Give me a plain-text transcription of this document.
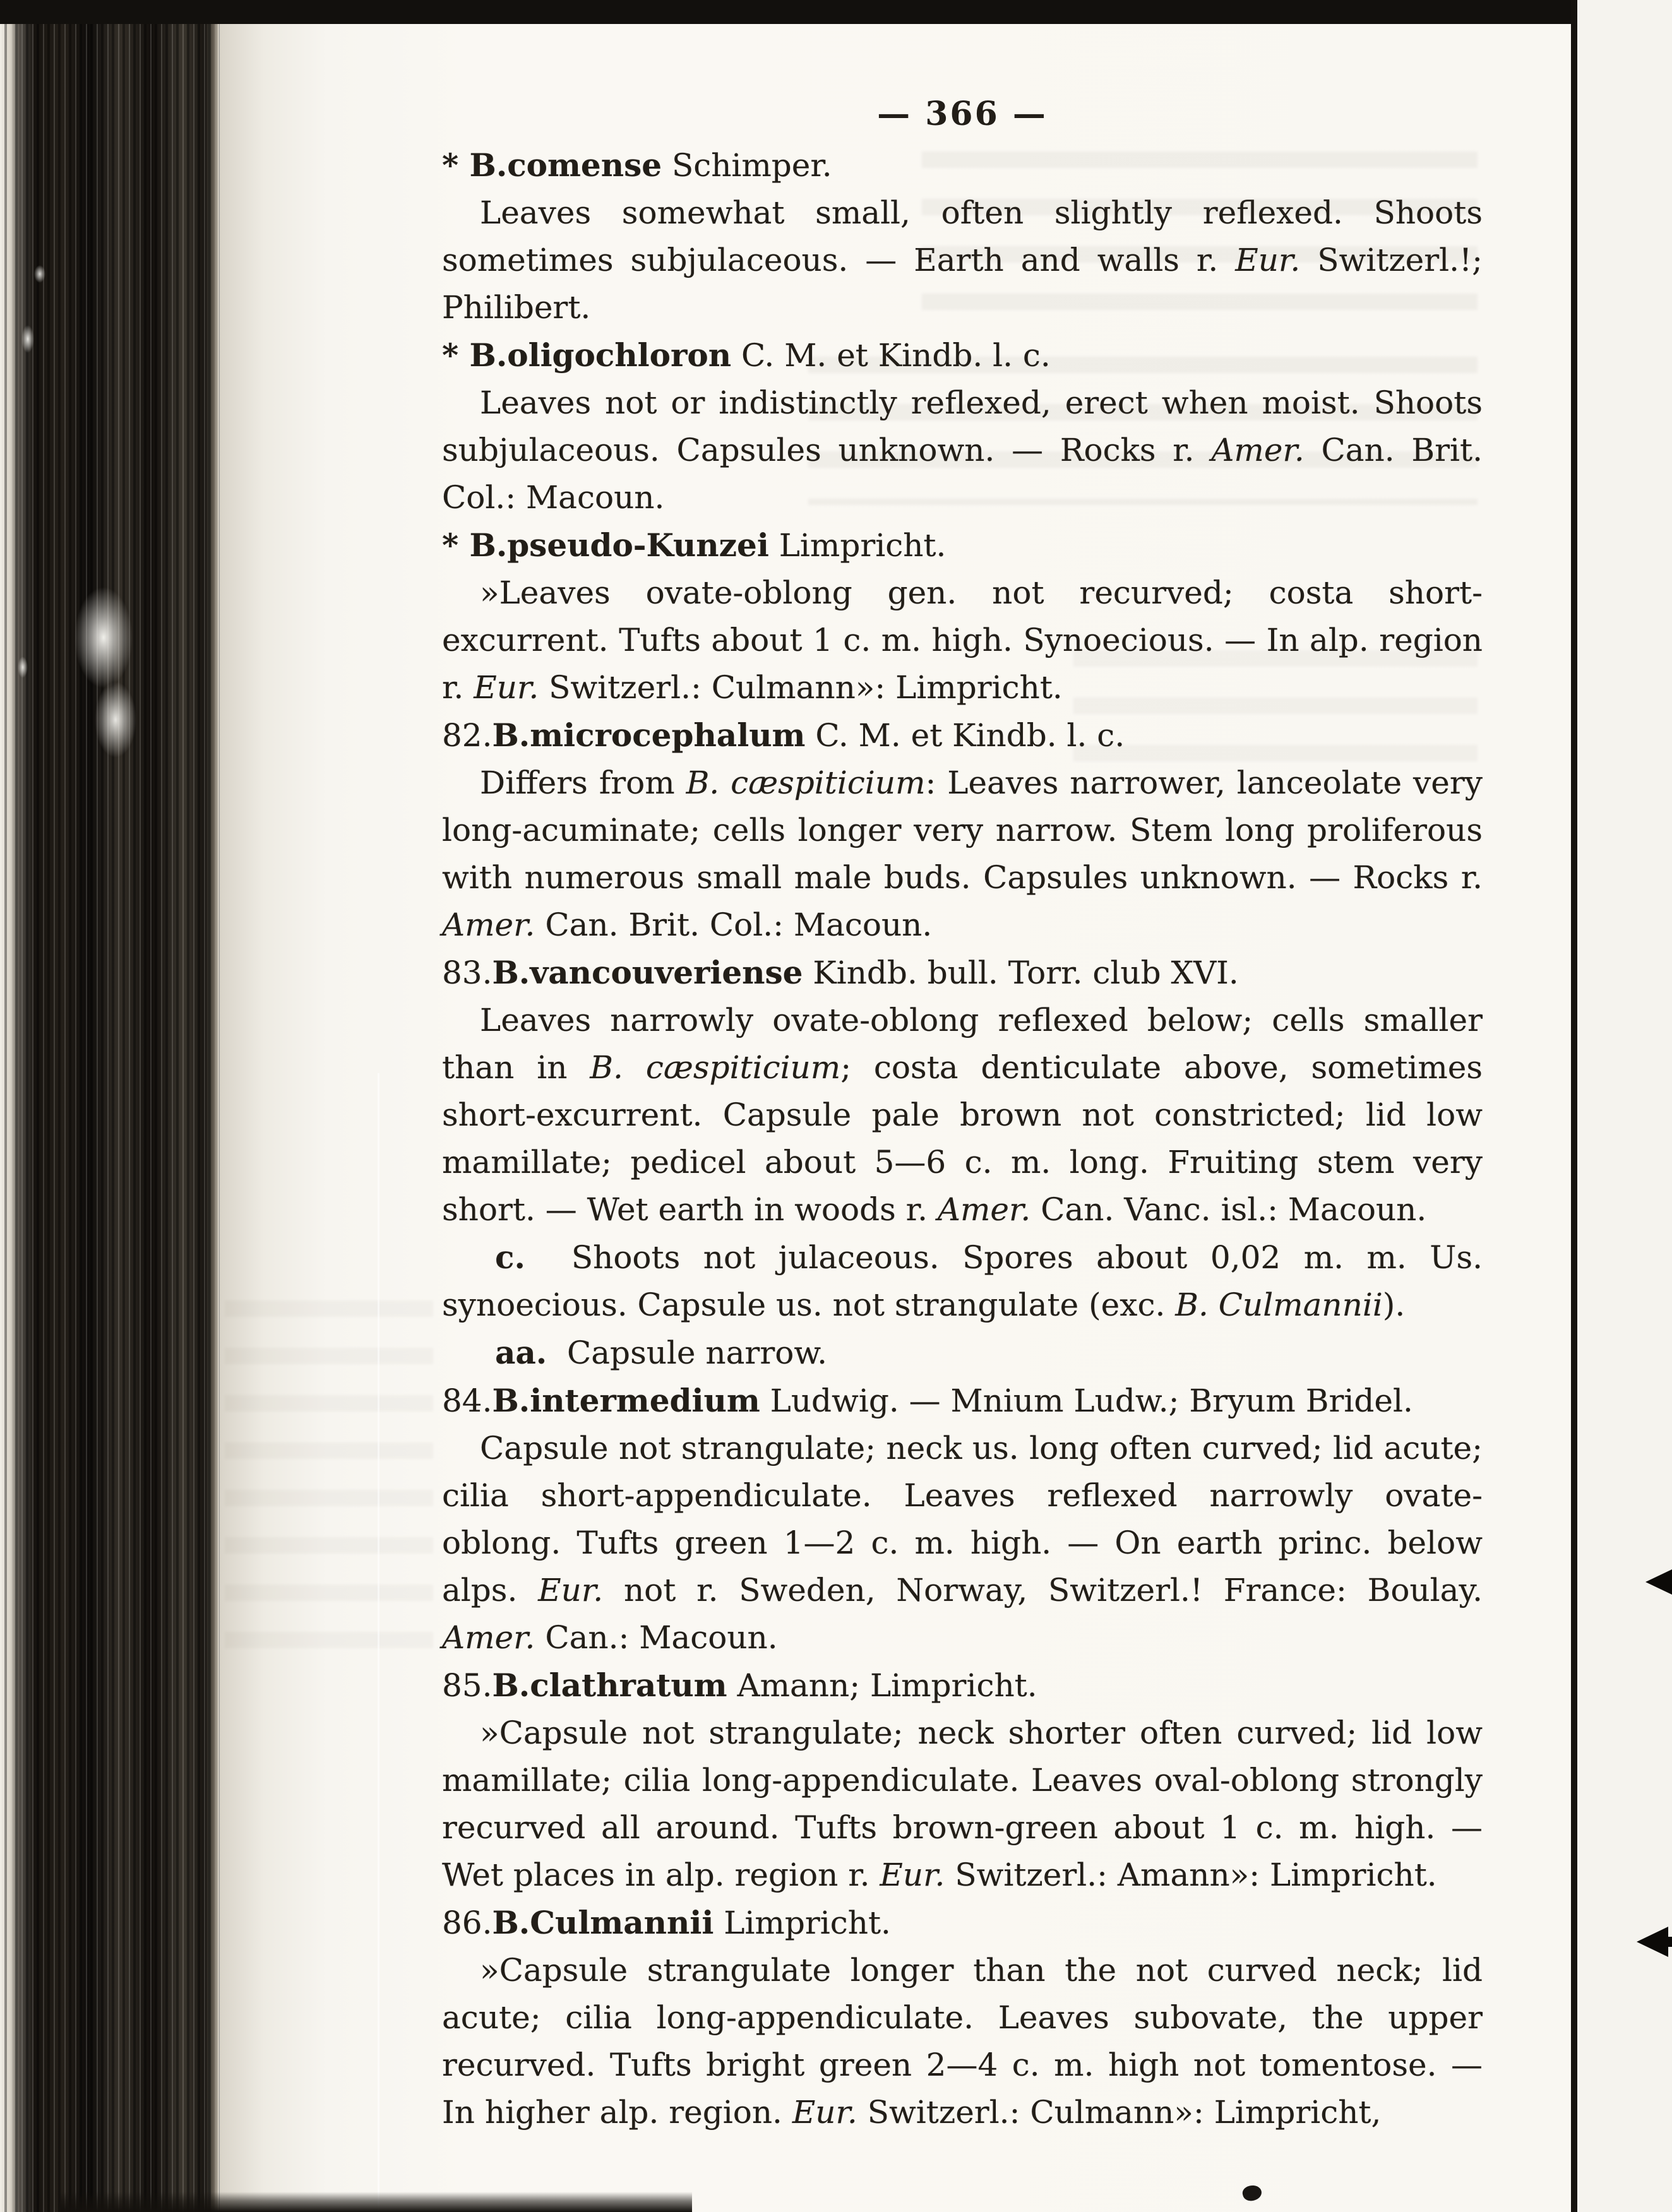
— 366 —

* B.comense Schimper.

Leaves somewhat small, often slightly reflexed. Shoots sometimes subjulaceous. — Earth and walls r. Eur. Switzerl.!; Philibert.

* B.oligochloron C. M. et Kindb. l. c.

Leaves not or indistinctly reflexed, erect when moist. Shoots subjulaceous. Capsules unknown. — Rocks r. Amer. Can. Brit. Col.: Macoun.

* B.pseudo-Kunzei Limpricht.

»Leaves ovate-oblong gen. not recurved; costa short-excurrent. Tufts about 1 c. m. high. Synoecious. — In alp. region r. Eur. Switzerl.: Culmann»: Limpricht.

82.B.microcephalum C. M. et Kindb. l. c.

Differs from B. cæspiticium: Leaves narrower, lanceolate very long-acuminate; cells longer very narrow. Stem long proliferous with numerous small male buds. Capsules unknown. — Rocks r. Amer. Can. Brit. Col.: Macoun.

83.B.vancouveriense Kindb. bull. Torr. club XVI.

Leaves narrowly ovate-oblong reflexed below; cells smaller than in B. cæspiticium; costa denticulate above, sometimes short-excurrent. Capsule pale brown not constricted; lid low mamillate; pedicel about 5—6 c. m. long. Fruiting stem very short. — Wet earth in woods r. Amer. Can. Vanc. isl.: Macoun.

c.  Shoots not julaceous. Spores about 0,02 m. m. Us. synoecious. Capsule us. not strangulate (exc. B. Culmannii).

aa.  Capsule narrow.

84.B.intermedium Ludwig. — Mnium Ludw.; Bryum Bridel.

Capsule not strangulate; neck us. long often curved; lid acute; cilia short-appendiculate. Leaves reflexed narrowly ovate-oblong. Tufts green 1—2 c. m. high. — On earth princ. below alps. Eur. not r. Sweden, Norway, Switzerl.! France: Boulay. Amer. Can.: Macoun.

85.B.clathratum Amann; Limpricht.

»Capsule not strangulate; neck shorter often curved; lid low mamillate; cilia long-appendiculate. Leaves oval-oblong strongly recurved all around. Tufts brown-green about 1 c. m. high. — Wet places in alp. region r. Eur. Switzerl.: Amann»: Limpricht.

86.B.Culmannii Limpricht.

»Capsule strangulate longer than the not curved neck; lid acute; cilia long-appendiculate. Leaves subovate, the upper recurved. Tufts bright green 2—4 c. m. high not tomentose. — In higher alp. region. Eur. Switzerl.: Culmann»: Limpricht,
